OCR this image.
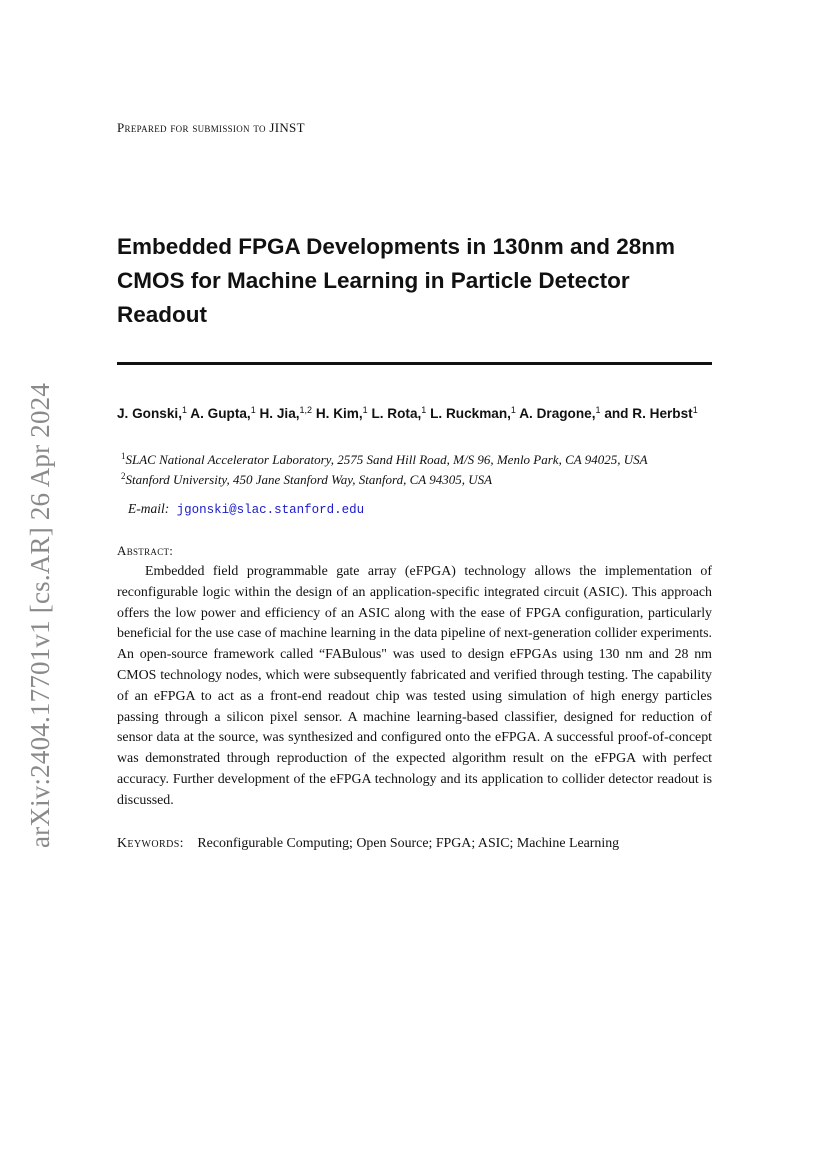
arXiv:2404.17701v1 [cs.AR] 26 Apr 2024
Prepared for submission to JINST
Embedded FPGA Developments in 130nm and 28nm CMOS for Machine Learning in Particle Detector Readout
J. Gonski,$^1$ A. Gupta,$^1$ H. Jia,$^{1,2}$ H. Kim,$^1$ L. Rota,$^1$ L. Ruckman,$^1$ A. Dragone,$^1$ and R. Herbst$^1$
$^1$SLAC National Accelerator Laboratory, 2575 Sand Hill Road, M/S 96, Menlo Park, CA 94025, USA
$^2$Stanford University, 450 Jane Stanford Way, Stanford, CA 94305, USA
E-mail: jgonski@slac.stanford.edu
Abstract:

Embedded field programmable gate array (eFPGA) technology allows the implementation of reconfigurable logic within the design of an application-specific integrated circuit (ASIC). This approach offers the low power and efficiency of an ASIC along with the ease of FPGA configuration, particularly beneficial for the use case of machine learning in the data pipeline of next-generation collider experiments. An open-source framework called “FABulous" was used to design eFPGAs using 130 nm and 28 nm CMOS technology nodes, which were subsequently fabricated and verified through testing. The capability of an eFPGA to act as a front-end readout chip was tested using simulation of high energy particles passing through a silicon pixel sensor. A machine learning-based classifier, designed for reduction of sensor data at the source, was synthesized and configured onto the eFPGA. A successful proof-of-concept was demonstrated through reproduction of the expected algorithm result on the eFPGA with perfect accuracy. Further development of the eFPGA technology and its application to collider detector readout is discussed.

Keywords: Reconfigurable Computing; Open Source; FPGA; ASIC; Machine Learning
